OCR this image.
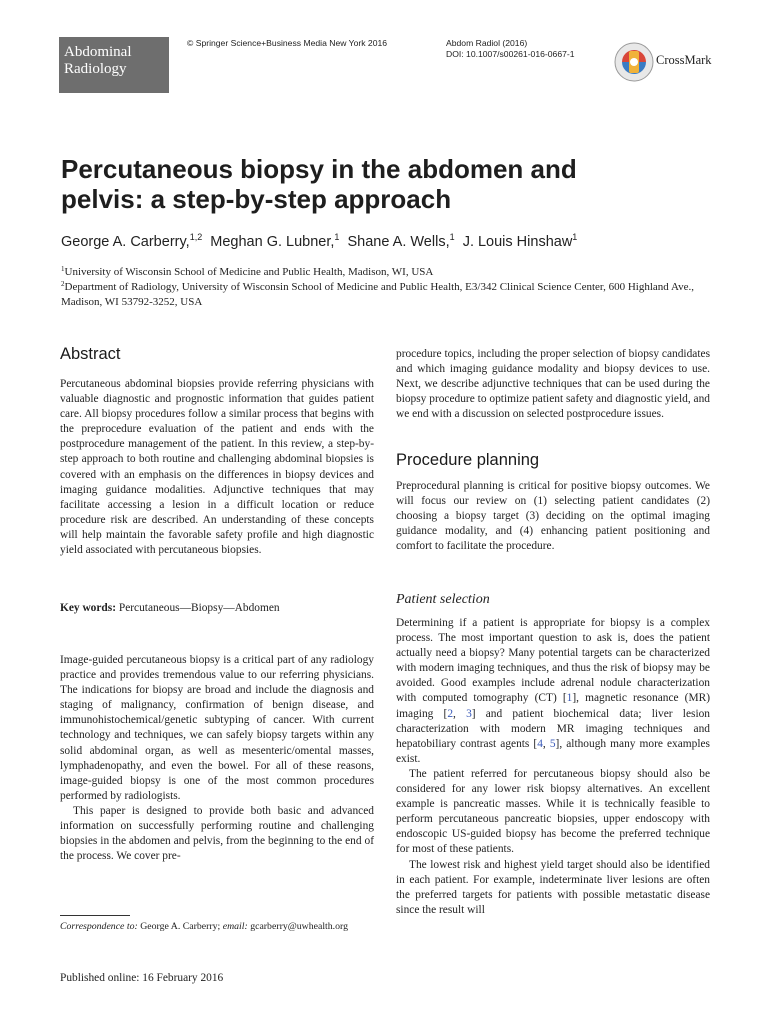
Abdominal
Radiology
© Springer Science+Business Media New York 2016	Abdom Radiol (2016)
DOI: 10.1007/s00261-016-0667-1	CrossMark
Percutaneous biopsy in the abdomen and
pelvis: a step-by-step approach
George A. Carberry,$^{1,2}$ Meghan G. Lubner,$^1$ Shane A. Wells,$^1$ J. Louis Hinshaw$^1$
$^1$University of Wisconsin School of Medicine and Public Health, Madison, WI, USA
$^2$Department of Radiology, University of Wisconsin School of Medicine and Public Health, E3/342 Clinical Science Center, 600 Highland Ave., Madison, WI 53792-3252, USA
Abstract

Percutaneous abdominal biopsies provide referring physicians with valuable diagnostic and prognostic information that guides patient care. All biopsy procedures follow a similar process that begins with the preprocedure evaluation of the patient and ends with the postprocedure management of the patient. In this review, a step-by-step approach to both routine and challenging abdominal biopsies is covered with an emphasis on the differences in biopsy devices and imaging guidance modalities. Adjunctive techniques that may facilitate accessing a lesion in a difficult location or reduce procedure risk are described. An understanding of these concepts will help maintain the favorable safety profile and high diagnostic yield associated with percutaneous biopsies.

Key words: Percutaneous—Biopsy—Abdomen

Image-guided percutaneous biopsy is a critical part of any radiology practice and provides tremendous value to our referring physicians. The indications for biopsy are broad and include the diagnosis and staging of malignancy, confirmation of benign disease, and immunohistochemical/genetic subtyping of cancer. With current technology and techniques, we can safely biopsy targets within any solid abdominal organ, as well as mesenteric/omental masses, lymphadenopathy, and even the bowel. For all of these reasons, image-guided biopsy is one of the most common procedures performed by radiologists.

This paper is designed to provide both basic and advanced information on successfully performing routine and challenging biopsies in the abdomen and pelvis, from the beginning to the end of the process. We cover pre-

Correspondence to: George A. Carberry; email: gcarberry@uwhealth.org
Published online: 16 February 2016

procedure topics, including the proper selection of biopsy candidates and which imaging guidance modality and biopsy devices to use. Next, we describe adjunctive techniques that can be used during the biopsy procedure to optimize patient safety and diagnostic yield, and we end with a discussion on selected postprocedure issues.

Procedure planning

Preprocedural planning is critical for positive biopsy outcomes. We will focus our review on (1) selecting patient candidates (2) choosing a biopsy target (3) deciding on the optimal imaging guidance modality, and (4) enhancing patient positioning and comfort to facilitate the procedure.

Patient selection

Determining if a patient is appropriate for biopsy is a complex process. The most important question to ask is, does the patient actually need a biopsy? Many potential targets can be characterized with modern imaging techniques, and thus the risk of biopsy may be avoided. Good examples include adrenal nodule characterization with computed tomography (CT) [1], magnetic resonance (MR) imaging [2, 3] and patient biochemical data; liver lesion characterization with modern MR imaging techniques and hepatobiliary contrast agents [4, 5], although many more examples exist.

The patient referred for percutaneous biopsy should also be considered for any lower risk biopsy alternatives. An excellent example is pancreatic masses. While it is technically feasible to perform percutaneous pancreatic biopsies, upper endoscopy with endoscopic US-guided biopsy has become the preferred technique for most of these patients.

The lowest risk and highest yield target should also be identified in each patient. For example, indeterminate liver lesions are often the preferred targets for patients with possible metastatic disease since the result will
